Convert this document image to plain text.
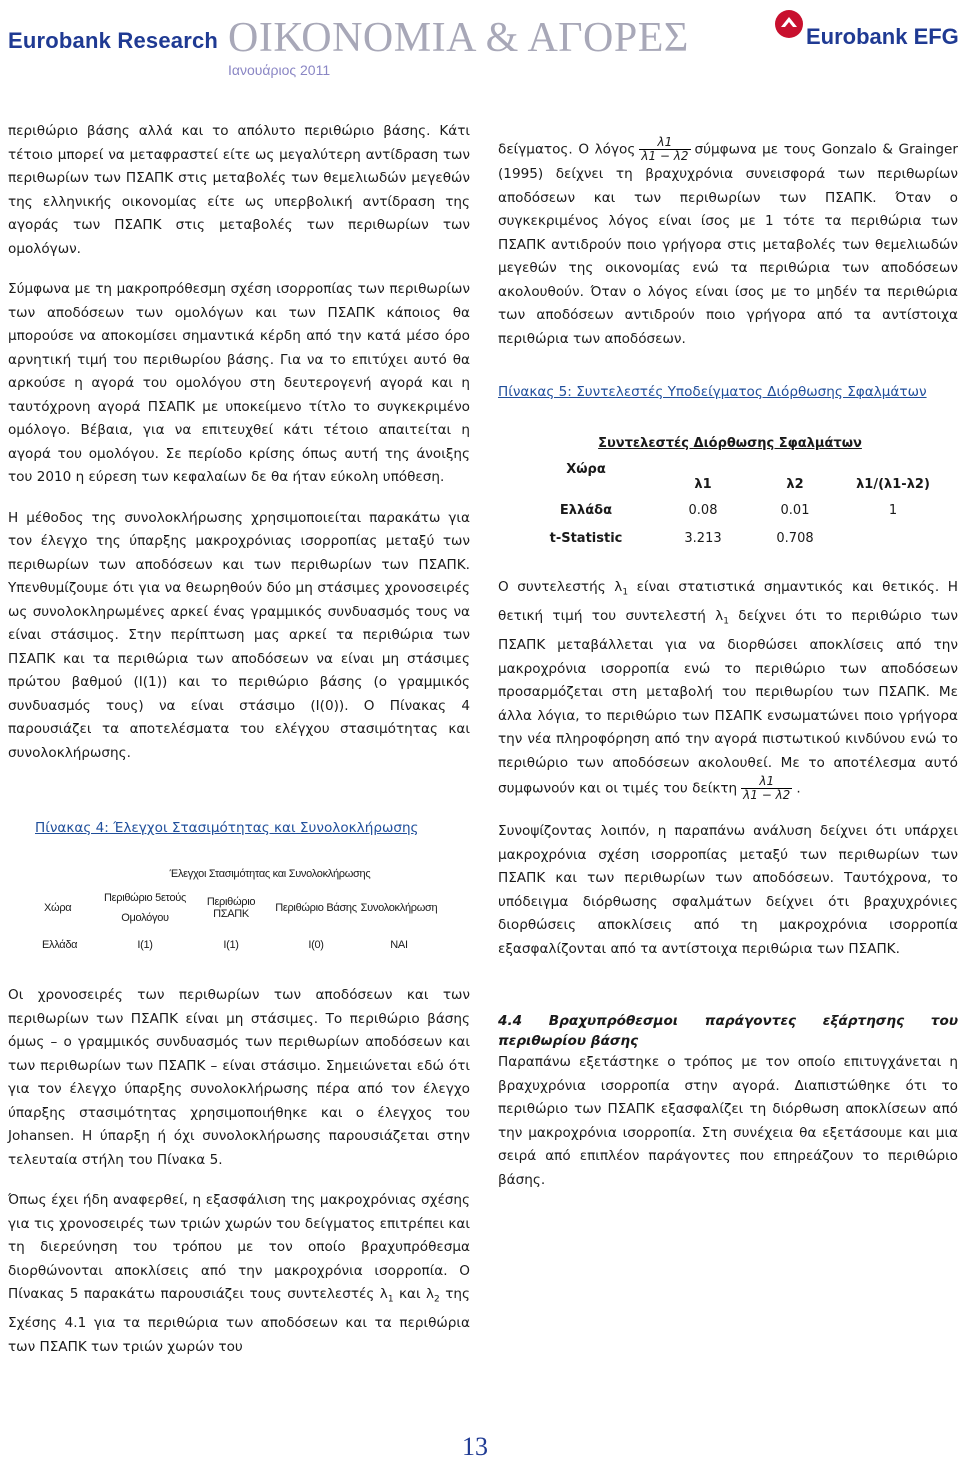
Eurobank Research ΟΙΚΟΝΟΜΙΑ & ΑΓΟΡΕΣ
Ιανουάριος 2011
Eurobank EFG

περιθώριο βάσης αλλά και το απόλυτο περιθώριο βάσης. Κάτι τέτοιο μπορεί να μεταφραστεί είτε ως μεγαλύτερη αντίδραση των περιθωρίων των ΠΣΑΠΚ στις μεταβολές των θεμελιωδών μεγεθών της ελληνικής οικονομίας είτε ως υπερβολική αντίδραση της αγοράς των ΠΣΑΠΚ στις μεταβολές των περιθωρίων των ομολόγων.

Σύμφωνα με τη μακροπρόθεσμη σχέση ισορροπίας των περιθωρίων των αποδόσεων των ομολόγων και των ΠΣΑΠΚ κάποιος θα μπορούσε να αποκομίσει σημαντικά κέρδη από την κατά μέσο όρο αρνητική τιμή του περιθωρίου βάσης. Για να το επιτύχει αυτό θα αρκούσε η αγορά του ομολόγου στη δευτερογενή αγορά και η ταυτόχρονη αγορά ΠΣΑΠΚ με υποκείμενο τίτλο το συγκεκριμένο ομόλογο. Βέβαια, για να επιτευχθεί κάτι τέτοιο απαιτείται η αγορά του ομολόγου. Σε περίοδο κρίσης όπως αυτή της άνοιξης του 2010 η εύρεση των κεφαλαίων δε θα ήταν εύκολη υπόθεση.

Η μέθοδος της συνολοκλήρωσης χρησιμοποιείται παρακάτω για τον έλεγχο της ύπαρξης μακροχρόνιας ισορροπίας μεταξύ των περιθωρίων των αποδόσεων και των περιθωρίων των ΠΣΑΠΚ. Υπενθυμίζουμε ότι για να θεωρηθούν δύο μη στάσιμες χρονοσειρές ως συνολοκληρωμένες αρκεί ένας γραμμικός συνδυασμός τους να είναι στάσιμος. Στην περίπτωση μας αρκεί τα περιθώρια των ΠΣΑΠΚ και τα περιθώρια των αποδόσεων να είναι μη στάσιμες πρώτου βαθμού (I(1)) και το περιθώριο βάσης (ο γραμμικός συνδυασμός τους) να είναι στάσιμο (I(0)). Ο Πίνακας 4 παρουσιάζει τα αποτελέσματα του ελέγχου στασιμότητας και συνολοκλήρωσης.

Πίνακας 4: Έλεγχοι Στασιμότητας και Συνολοκλήρωσης
Έλεγχοι Στασιμότητας και Συνολοκλήρωσης				
Χώρα	Περιθώριο 5ετούς Ομολόγου	Περιθώριο ΠΣΑΠΚ	Περιθώριο Βάσης	Συνολοκλήρωση
Ελλάδα	I(1)	I(1)	I(0)	ΝΑΙ

Οι χρονοσειρές των περιθωρίων των αποδόσεων και των περιθωρίων των ΠΣΑΠΚ είναι μη στάσιμες. Το περιθώριο βάσης όμως – ο γραμμικός συνδυασμός των περιθωρίων αποδόσεων και των περιθωρίων των ΠΣΑΠΚ – είναι στάσιμο. Σημειώνεται εδώ ότι για τον έλεγχο ύπαρξης συνολοκλήρωσης πέρα από τον έλεγχο ύπαρξης στασιμότητας χρησιμοποιήθηκε και ο έλεγχος του Johansen. Η ύπαρξη ή όχι συνολοκλήρωσης παρουσιάζεται στην τελευταία στήλη του Πίνακα 5.

Όπως έχει ήδη αναφερθεί, η εξασφάλιση της μακροχρόνιας σχέσης για τις χρονοσειρές των τριών χωρών του δείγματος επιτρέπει και τη διερεύνηση του τρόπου με τον οποίο βραχυπρόθεσμα διορθώνονται αποκλίσεις από την μακροχρόνια ισορροπία. Ο Πίνακας 5 παρακάτω παρουσιάζει τους συντελεστές $\lambda_1$ και $\lambda_2$ της Σχέσης 4.1 για τα περιθώρια των αποδόσεων και τα περιθώρια των ΠΣΑΠΚ των τριών χωρών του

δείγματος. Ο λόγος $\frac{\lambda 1}{\lambda 1 - \lambda 2}$ σύμφωνα με τους Gonzalo & Grainger (1995) δείχνει τη βραχυχρόνια συνεισφορά των περιθωρίων αποδόσεων και των περιθωρίων των ΠΣΑΠΚ. Όταν ο συγκεκριμένος λόγος είναι ίσος με 1 τότε τα περιθώρια των ΠΣΑΠΚ αντιδρούν ποιο γρήγορα στις μεταβολές των θεμελιωδών μεγεθών της οικονομίας ενώ τα περιθώρια των αποδόσεων ακολουθούν. Όταν ο λόγος είναι ίσος με το μηδέν τα περιθώρια των αποδόσεων αντιδρούν ποιο γρήγορα από τα αντίστοιχα περιθώρια των αποδόσεων.

Πίνακας 5: Συντελεστές Υποδείγματος Διόρθωσης Σφαλμάτων
Συντελεστές Διόρθωσης Σφαλμάτων			
Χώρα	λ1	λ2	λ1/(λ1-λ2)
Ελλάδα	0.08	0.01	1
t-Statistic	3.213	0.708	

Ο συντελεστής $\lambda_1$ είναι στατιστικά σημαντικός και θετικός. Η θετική τιμή του συντελεστή $\lambda_1$ δείχνει ότι το περιθώριο των ΠΣΑΠΚ μεταβάλλεται για να διορθώσει αποκλίσεις από την μακροχρόνια ισορροπία ενώ το περιθώριο των αποδόσεων προσαρμόζεται στη μεταβολή του περιθωρίου των ΠΣΑΠΚ. Με άλλα λόγια, το περιθώριο των ΠΣΑΠΚ ενσωματώνει ποιο γρήγορα την νέα πληροφόρηση από την αγορά πιστωτικού κινδύνου ενώ το περιθώριο των αποδόσεων ακολουθεί. Με το αποτέλεσμα αυτό συμφωνούν και οι τιμές του δείκτη $\frac{\lambda 1}{\lambda 1 - \lambda 2}$ .

Συνοψίζοντας λοιπόν, η παραπάνω ανάλυση δείχνει ότι υπάρχει μακροχρόνια σχέση ισορροπίας μεταξύ των περιθωρίων των ΠΣΑΠΚ και των περιθωρίων των αποδόσεων. Ταυτόχρονα, το υπόδειγμα διόρθωσης σφαλμάτων δείχνει ότι βραχυχρόνιες διορθώσεις αποκλίσεις από τη μακροχρόνια ισορροπία εξασφαλίζονται από τα αντίστοιχα περιθώρια των ΠΣΑΠΚ.

4.4 Βραχυπρόθεσμοι παράγοντες εξάρτησης του περιθωρίου βάσης

Παραπάνω εξετάστηκε ο τρόπος με τον οποίο επιτυγχάνεται η βραχυχρόνια ισορροπία στην αγορά. Διαπιστώθηκε ότι το περιθώριο των ΠΣΑΠΚ εξασφαλίζει τη διόρθωση αποκλίσεων από την μακροχρόνια ισορροπία. Στη συνέχεια θα εξετάσουμε και μια σειρά από επιπλέον παράγοντες που επηρεάζουν το περιθώριο βάσης.

13
